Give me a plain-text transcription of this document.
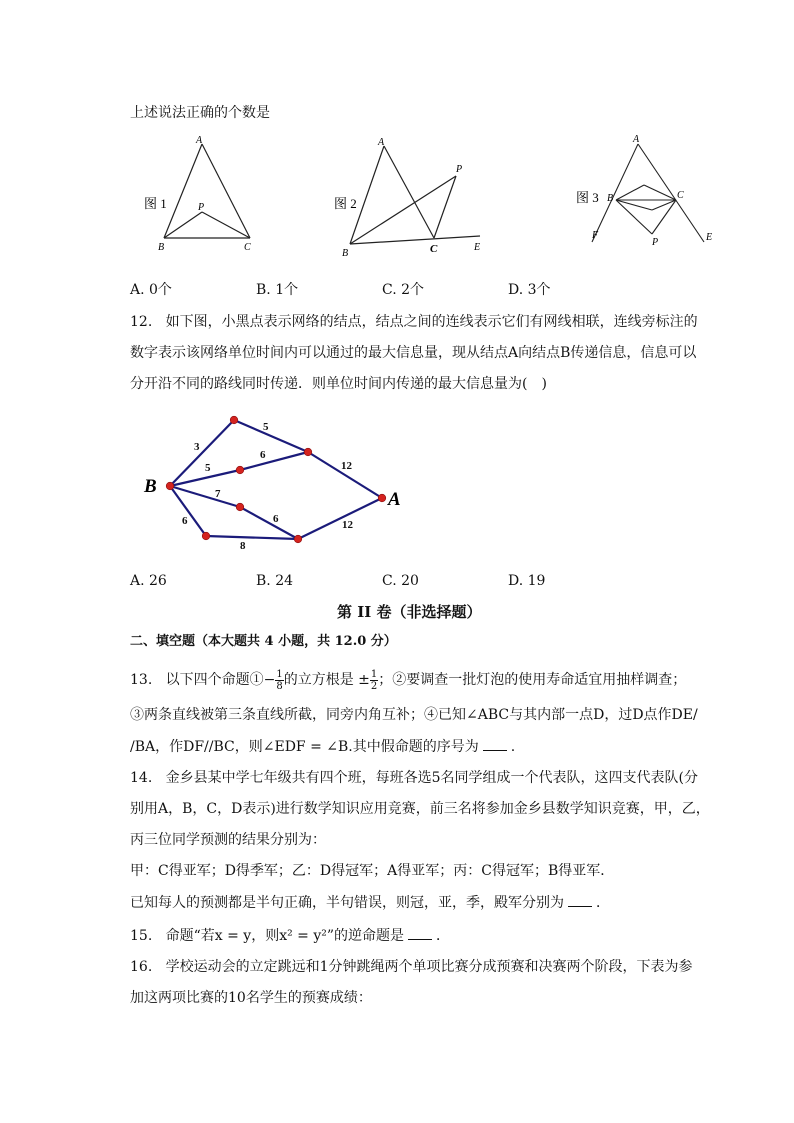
上述说法正确的个数是
图 1
A
P
B	C
图 2
A
P
B	C	E
图 3
A
B	C
F
P	E
A. 0个	B. 1个	C. 2个	D. 3个
12. 如下图，小黑点表示网络的结点，结点之间的连线表示它们有网线相联，连线旁标注的
数字表示该网络单位时间内可以通过的最大信息量，现从结点A向结点B传递信息，信息可以
分开沿不同的路线同时传递．则单位时间内传递的最大信息量为(　)
B
A
3
5
5
6
12
7
6
6
8
12
A. 26	B. 24	C. 20	D. 19
第 II 卷（非选择题）
二、填空题（本大题共 4 小题，共 12.0 分）
13. 以下四个命题①− $\frac{1}{8}$ 的立方根是 ± $\frac{1}{2}$ ；②要调查一批灯泡的使用寿命适宜用抽样调查；
③两条直线被第三条直线所截，同旁内角互补；④已知∠ABC与其内部一点D，过D点作DE/
/BA，作DF//BC，则∠EDF = ∠B.其中假命题的序号为 .
14. 金乡县某中学七年级共有四个班，每班各选5名同学组成一个代表队，这四支代表队(分
别用A，B，C，D表示)进行数学知识应用竞赛，前三名将参加金乡县数学知识竞赛，甲，乙，
丙三位同学预测的结果分别为：
甲：C得亚军；D得季军；乙：D得冠军；A得亚军；丙：C得冠军；B得亚军．
已知每人的预测都是半句正确，半句错误，则冠，亚，季，殿军分别为 ．
15. 命题“若x = y，则x² = y²”的逆命题是 ．
16. 学校运动会的立定跳远和1分钟跳绳两个单项比赛分成预赛和决赛两个阶段，下表为参
加这两项比赛的10名学生的预赛成绩：
